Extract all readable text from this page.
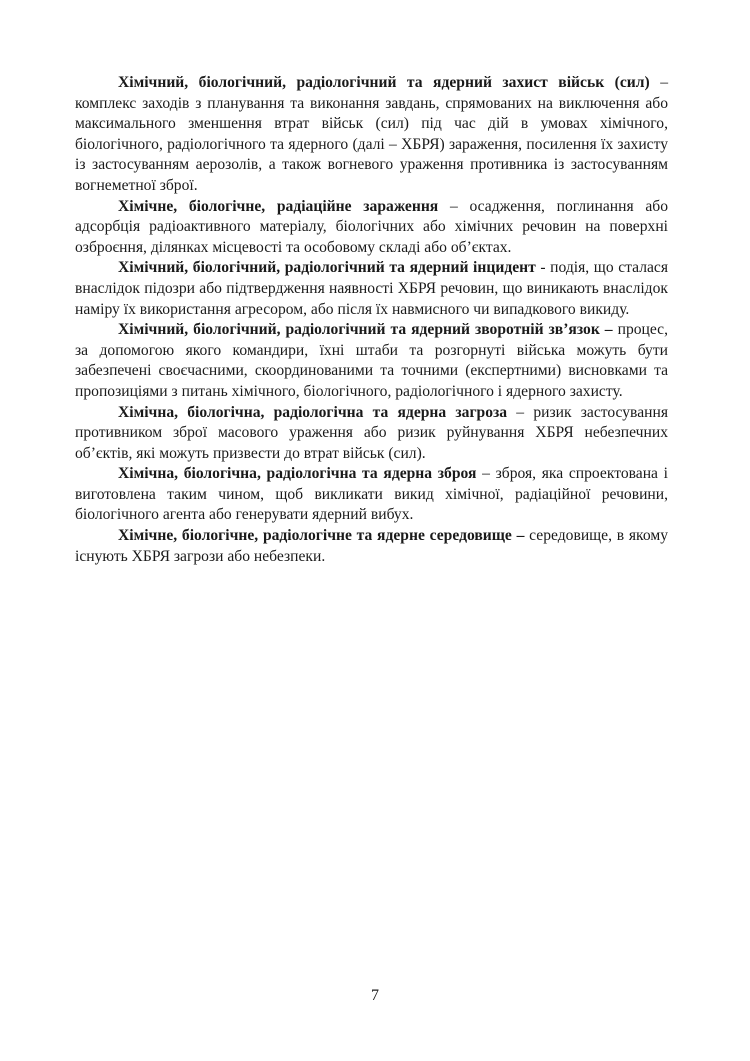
Хімічний, біологічний, радіологічний та ядерний захист військ (сил) – комплекс заходів з планування та виконання завдань, спрямованих на виключення або максимального зменшення втрат військ (сил) під час дій в умовах хімічного, біологічного, радіологічного та ядерного (далі – ХБРЯ) зараження, посилення їх захисту із застосуванням аерозолів, а також вогневого ураження противника із застосуванням вогнеметної зброї.

Хімічне, біологічне, радіаційне зараження – осадження, поглинання або адсорбція радіоактивного матеріалу, біологічних або хімічних речовин на поверхні озброєння, ділянках місцевості та особовому складі або об’єктах.

Хімічний, біологічний, радіологічний та ядерний інцидент - подія, що сталася внаслідок підозри або підтвердження наявності ХБРЯ речовин, що виникають внаслідок наміру їх використання агресором, або після їх навмисного чи випадкового викиду.

Хімічний, біологічний, радіологічний та ядерний зворотній зв’язок – процес, за допомогою якого командири, їхні штаби та розгорнуті війська можуть бути забезпечені своєчасними, скоординованими та точними (експертними) висновками та пропозиціями з питань хімічного, біологічного, радіологічного і ядерного захисту.

Хімічна, біологічна, радіологічна та ядерна загроза – ризик застосування противником зброї масового ураження або ризик руйнування ХБРЯ небезпечних об’єктів, які можуть призвести до втрат військ (сил).

Хімічна, біологічна, радіологічна та ядерна зброя – зброя, яка спроектована і виготовлена таким чином, щоб викликати викид хімічної, радіаційної речовини, біологічного агента або генерувати ядерний вибух.

Хімічне, біологічне, радіологічне та ядерне середовище – середовище, в якому існують ХБРЯ загрози або небезпеки.

7
